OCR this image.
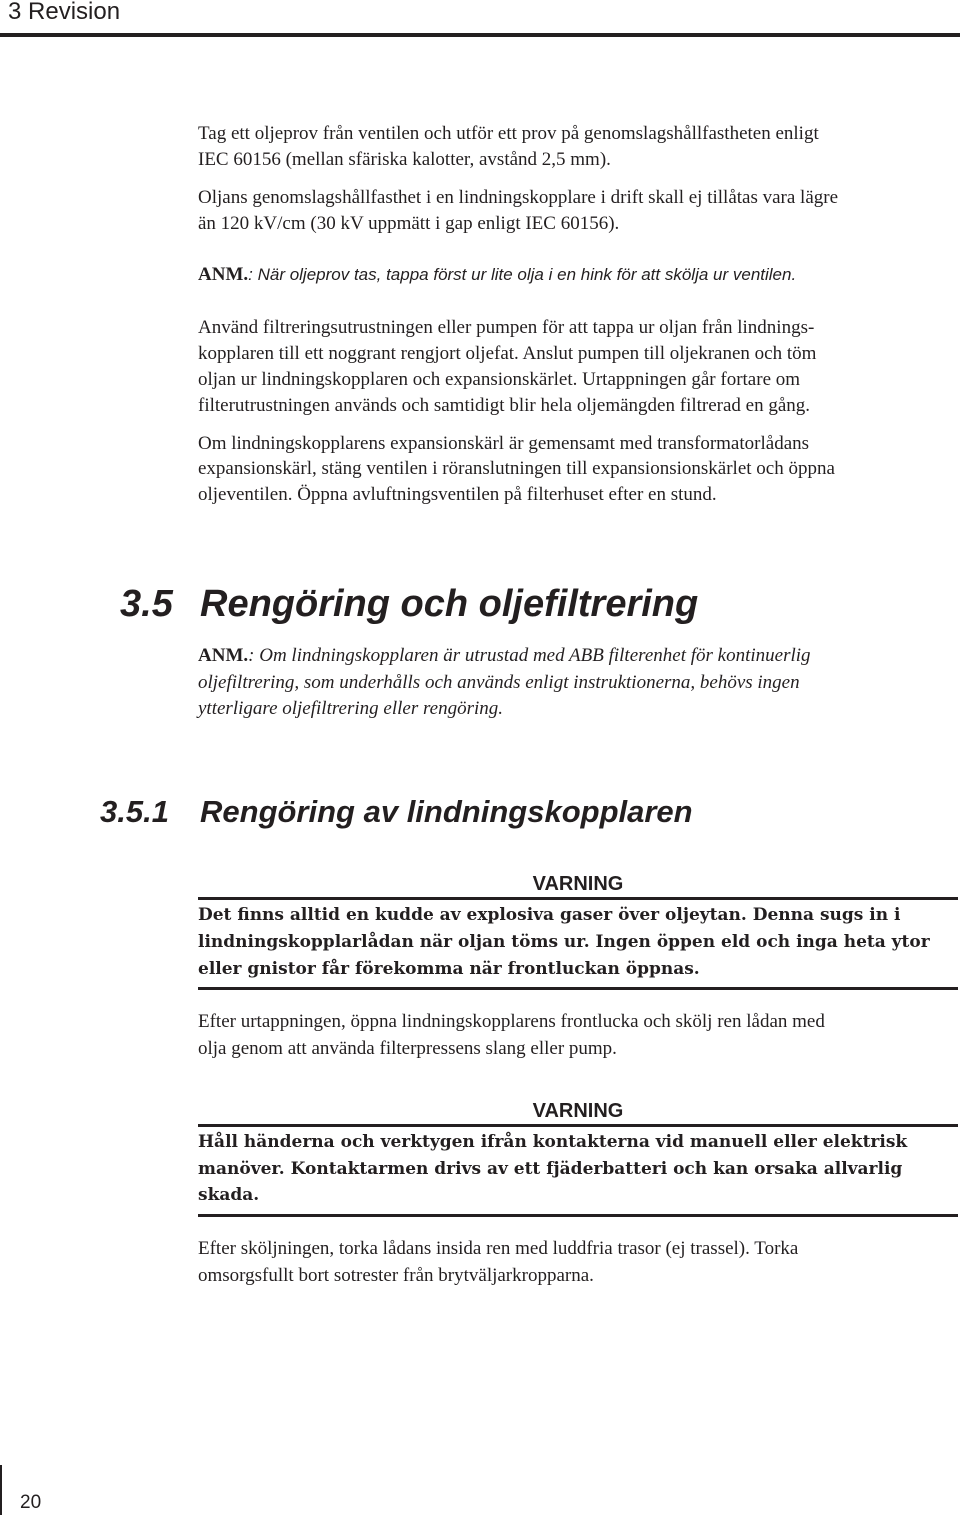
3 Revision
Tag ett oljeprov från ventilen och utför ett prov på genomslagshållfastheten enligt
IEC 60156 (mellan sfäriska kalotter, avstånd 2,5 mm).
Oljans genomslagshållfasthet i en lindningskopplare i drift skall ej tillåtas vara lägre
än 120 kV/cm (30 kV uppmätt i gap enligt IEC 60156).
ANM.: När oljeprov tas, tappa först ur lite olja i en hink för att skölja ur ventilen.
Använd filtreringsutrustningen eller pumpen för att tappa ur oljan från lindnings-
kopplaren till ett noggrant rengjort oljefat. Anslut pumpen till oljekranen och töm
oljan ur lindningskopplaren och expansionskärlet. Urtappningen går fortare om
filterutrustningen används och samtidigt blir hela oljemängden filtrerad en gång.
Om lindningskopplarens expansionskärl är gemensamt med transformatorlådans
expansionskärl, stäng ventilen i röranslutningen till expansionsionskärlet och öppna
oljeventilen. Öppna avluftningsventilen på filterhuset efter en stund.
3.5 Rengöring och oljefiltrering
ANM.: Om lindningskopplaren är utrustad med ABB filterenhet för kontinuerlig
oljefiltrering, som underhålls och används enligt instruktionerna, behövs ingen
ytterligare oljefiltrering eller rengöring.
3.5.1 Rengöring av lindningskopplaren
VARNING
Det finns alltid en kudde av explosiva gaser över oljeytan. Denna sugs in i
lindningskopplarlådan när oljan töms ur. Ingen öppen eld och inga heta ytor
eller gnistor får förekomma när frontluckan öppnas.
Efter urtappningen, öppna lindningskopplarens frontlucka och skölj ren lådan med
olja genom att använda filterpressens slang eller pump.
VARNING
Håll händerna och verktygen ifrån kontakterna vid manuell eller elektrisk
manöver. Kontaktarmen drivs av ett fjäderbatteri och kan orsaka allvarlig
skada.
Efter sköljningen, torka lådans insida ren med luddfria trasor (ej trassel). Torka
omsorgsfullt bort sotrester från brytväljarkropparna.
20
